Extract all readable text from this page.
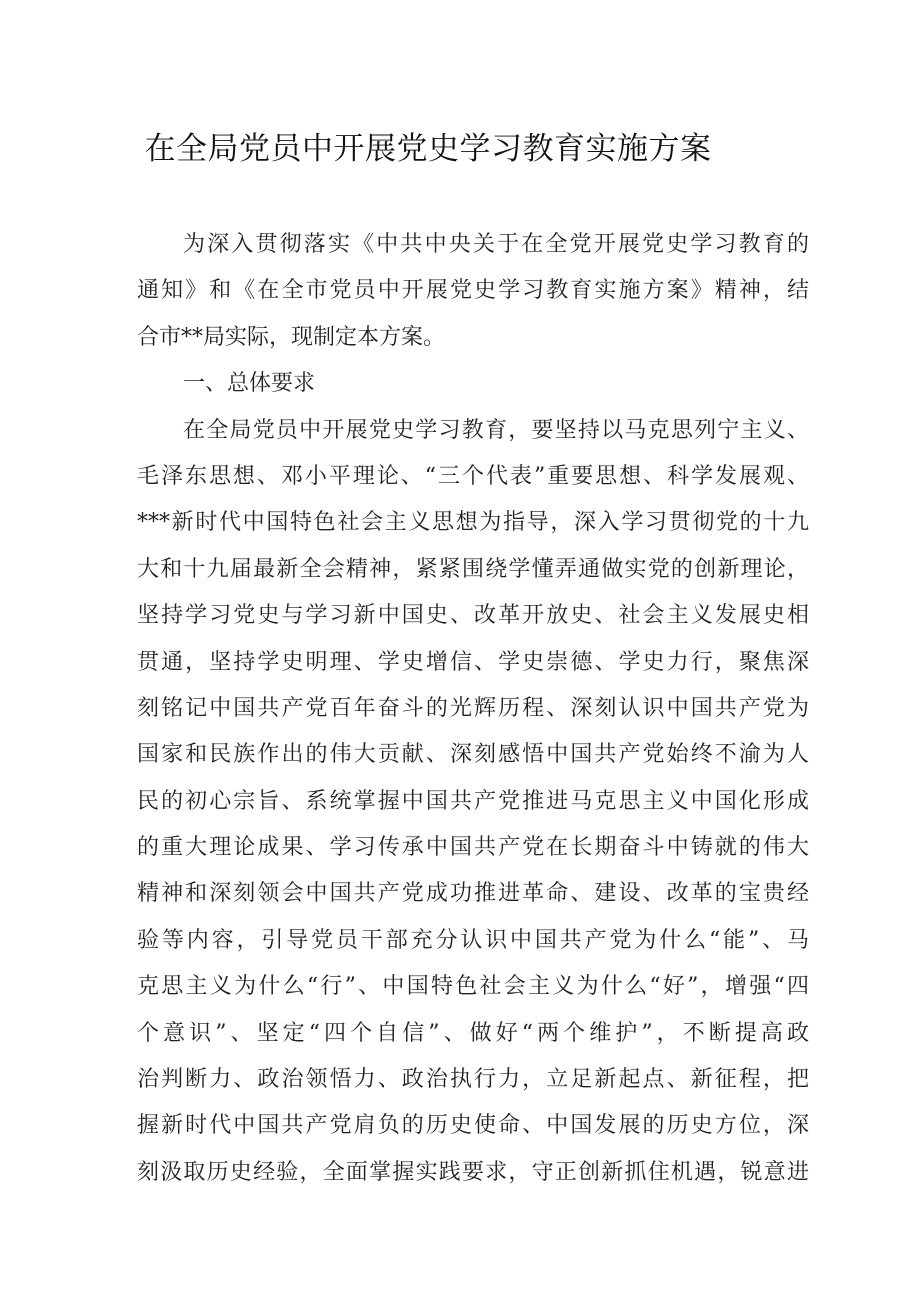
在全局党员中开展党史学习教育实施方案
为深入贯彻落实《中共中央关于在全党开展党史学习教育的
通知》和《在全市党员中开展党史学习教育实施方案》精神，结
合市**局实际，现制定本方案。
一、总体要求
在全局党员中开展党史学习教育，要坚持以马克思列宁主义、
毛泽东思想、邓小平理论、“三个代表”重要思想、科学发展观、
***新时代中国特色社会主义思想为指导，深入学习贯彻党的十九
大和十九届最新全会精神，紧紧围绕学懂弄通做实党的创新理论，
坚持学习党史与学习新中国史、改革开放史、社会主义发展史相
贯通，坚持学史明理、学史增信、学史崇德、学史力行，聚焦深
刻铭记中国共产党百年奋斗的光辉历程、深刻认识中国共产党为
国家和民族作出的伟大贡献、深刻感悟中国共产党始终不渝为人
民的初心宗旨、系统掌握中国共产党推进马克思主义中国化形成
的重大理论成果、学习传承中国共产党在长期奋斗中铸就的伟大
精神和深刻领会中国共产党成功推进革命、建设、改革的宝贵经
验等内容，引导党员干部充分认识中国共产党为什么“能”、马
克思主义为什么“行”、中国特色社会主义为什么“好”，增强“四
个意识”、坚定“四个自信”、做好“两个维护”，不断提高政
治判断力、政治领悟力、政治执行力，立足新起点、新征程，把
握新时代中国共产党肩负的历史使命、中国发展的历史方位，深
刻汲取历史经验，全面掌握实践要求，守正创新抓住机遇，锐意进
